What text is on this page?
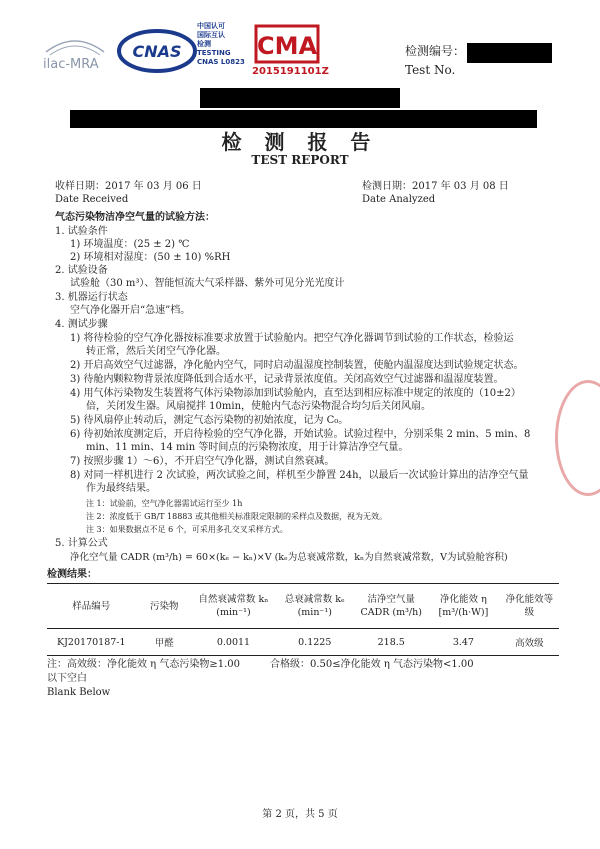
ilac-MRA
CNAS
中国认可
国际互认
检测
TESTING
CNAS L0823
CMA
2015191101Z
检测编号：
Test No.
检 测 报 告
TEST REPORT
收样日期：2017 年 03 月 06 日
Date Received
检测日期：2017 年 03 月 08 日
Date Analyzed
气态污染物洁净空气量的试验方法：
1. 试验条件
1) 环境温度：(25 ± 2) ℃
2) 环境相对湿度：(50 ± 10) %RH
2. 试验设备
试验舱（30 m³）、智能恒流大气采样器、紫外可见分光光度计
3. 机器运行状态
空气净化器开启“急速”档。
4. 测试步骤
1) 将待检验的空气净化器按标准要求放置于试验舱内。把空气净化器调节到试验的工作状态，检验运
转正常，然后关闭空气净化器。
2) 开启高效空气过滤器，净化舱内空气，同时启动温湿度控制装置，使舱内温湿度达到试验规定状态。
3) 待舱内颗粒物背景浓度降低到合适水平，记录背景浓度值。关闭高效空气过滤器和温湿度装置。
4) 用气体污染物发生装置将气体污染物添加到试验舱内，直至达到相应标准中规定的浓度的（10±2）
倍，关闭发生器。风扇搅拌 10min，使舱内气态污染物混合均匀后关闭风扇。
5) 待风扇停止转动后，测定气态污染物的初始浓度，记为 C₀。
6) 待初始浓度测定后，开启待检验的空气净化器，开始试验。试验过程中，分别采集 2 min、5 min、8
min、11 min、14 min 等时间点的污染物浓度，用于计算洁净空气量。
7) 按照步骤 1）～6），不开启空气净化器，测试自然衰减。
8) 对同一样机进行 2 次试验，两次试验之间，样机至少静置 24h，以最后一次试验计算出的洁净空气量
作为最终结果。
注 1：试验前，空气净化器需试运行至少 1h
注 2：浓度低于 GB/T 18883 或其他相关标准限定限制的采样点及数据，视为无效。
注 3：如果数据点不足 6 个，可采用多孔交叉采样方式。
5. 计算公式
净化空气量 CADR (m³/h) = 60×(kₑ − kₙ)×V (kₑ为总衰减常数，kₙ为自然衰减常数，V为试验舱容积)
检测结果：
样品编号	污染物	自然衰减常数 kₙ (min⁻¹)	总衰减常数 kₑ (min⁻¹)	洁净空气量 CADR (m³/h)	净化能效 η [m³/(h·W)]	净化能效等级
KJ20170187-1	甲醛	0.0011	0.1225	218.5	3.47	高效级
注：高效级：净化能效 η 气态污染物≥1.00	合格级：0.50≤净化能效 η 气态污染物<1.00
以下空白
Blank Below
第 2 页，共 5 页
